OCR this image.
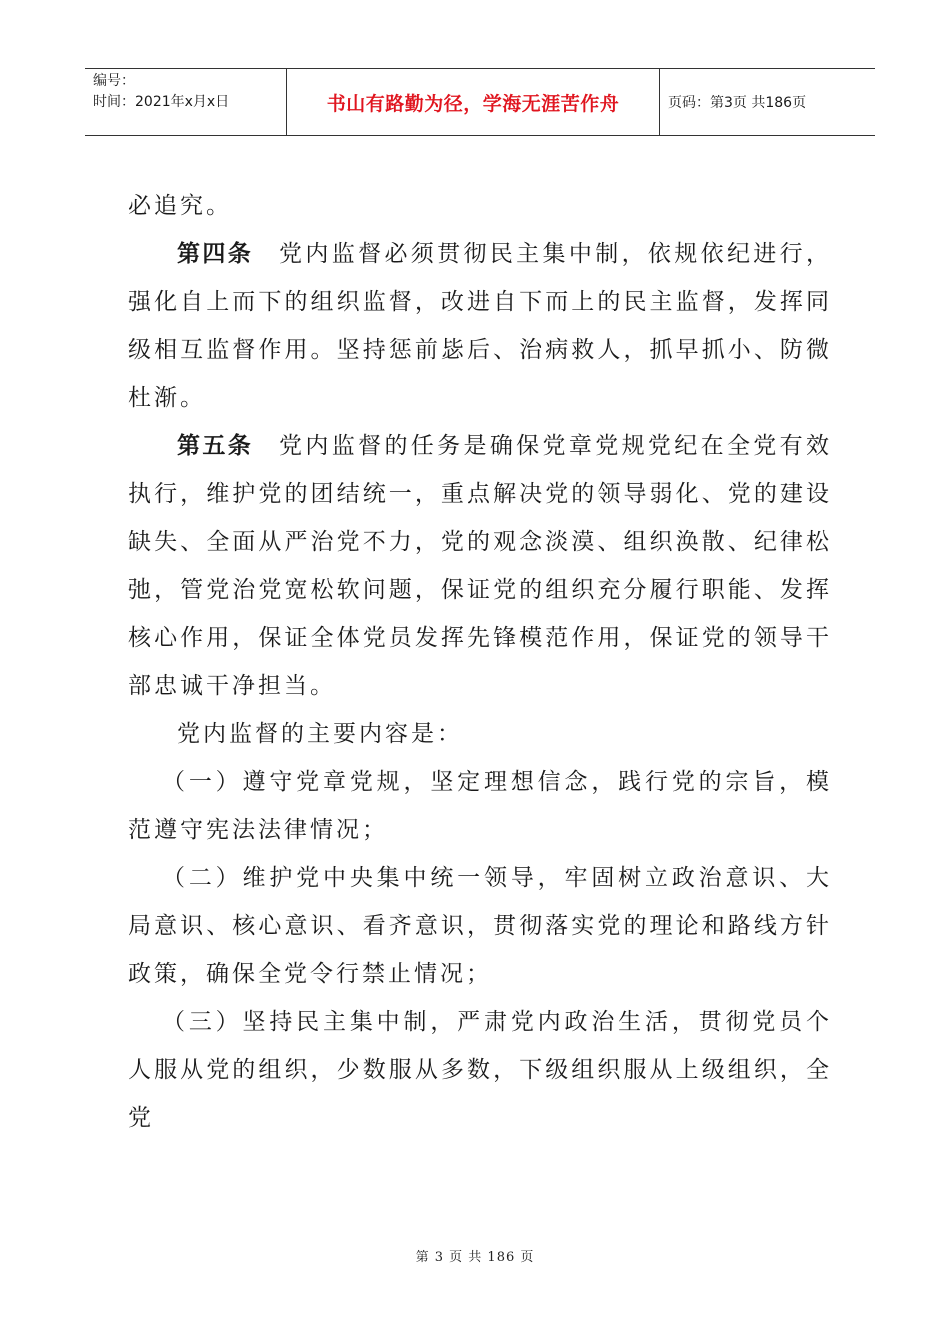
编号：
时间：2021年x月x日	书山有路勤为径，学海无涯苦作舟	页码：第3页 共186页

必追究。

第四条 党内监督必须贯彻民主集中制，依规依纪进行，强化自上而下的组织监督，改进自下而上的民主监督，发挥同级相互监督作用。坚持惩前毖后、治病救人，抓早抓小、防微杜渐。

第五条 党内监督的任务是确保党章党规党纪在全党有效执行，维护党的团结统一，重点解决党的领导弱化、党的建设缺失、全面从严治党不力，党的观念淡漠、组织涣散、纪律松弛，管党治党宽松软问题，保证党的组织充分履行职能、发挥核心作用，保证全体党员发挥先锋模范作用，保证党的领导干部忠诚干净担当。

党内监督的主要内容是：

（一）遵守党章党规，坚定理想信念，践行党的宗旨，模范遵守宪法法律情况；

（二）维护党中央集中统一领导，牢固树立政治意识、大局意识、核心意识、看齐意识，贯彻落实党的理论和路线方针政策，确保全党令行禁止情况；

（三）坚持民主集中制，严肃党内政治生活，贯彻党员个人服从党的组织，少数服从多数，下级组织服从上级组织，全党

第 3 页 共 186 页
